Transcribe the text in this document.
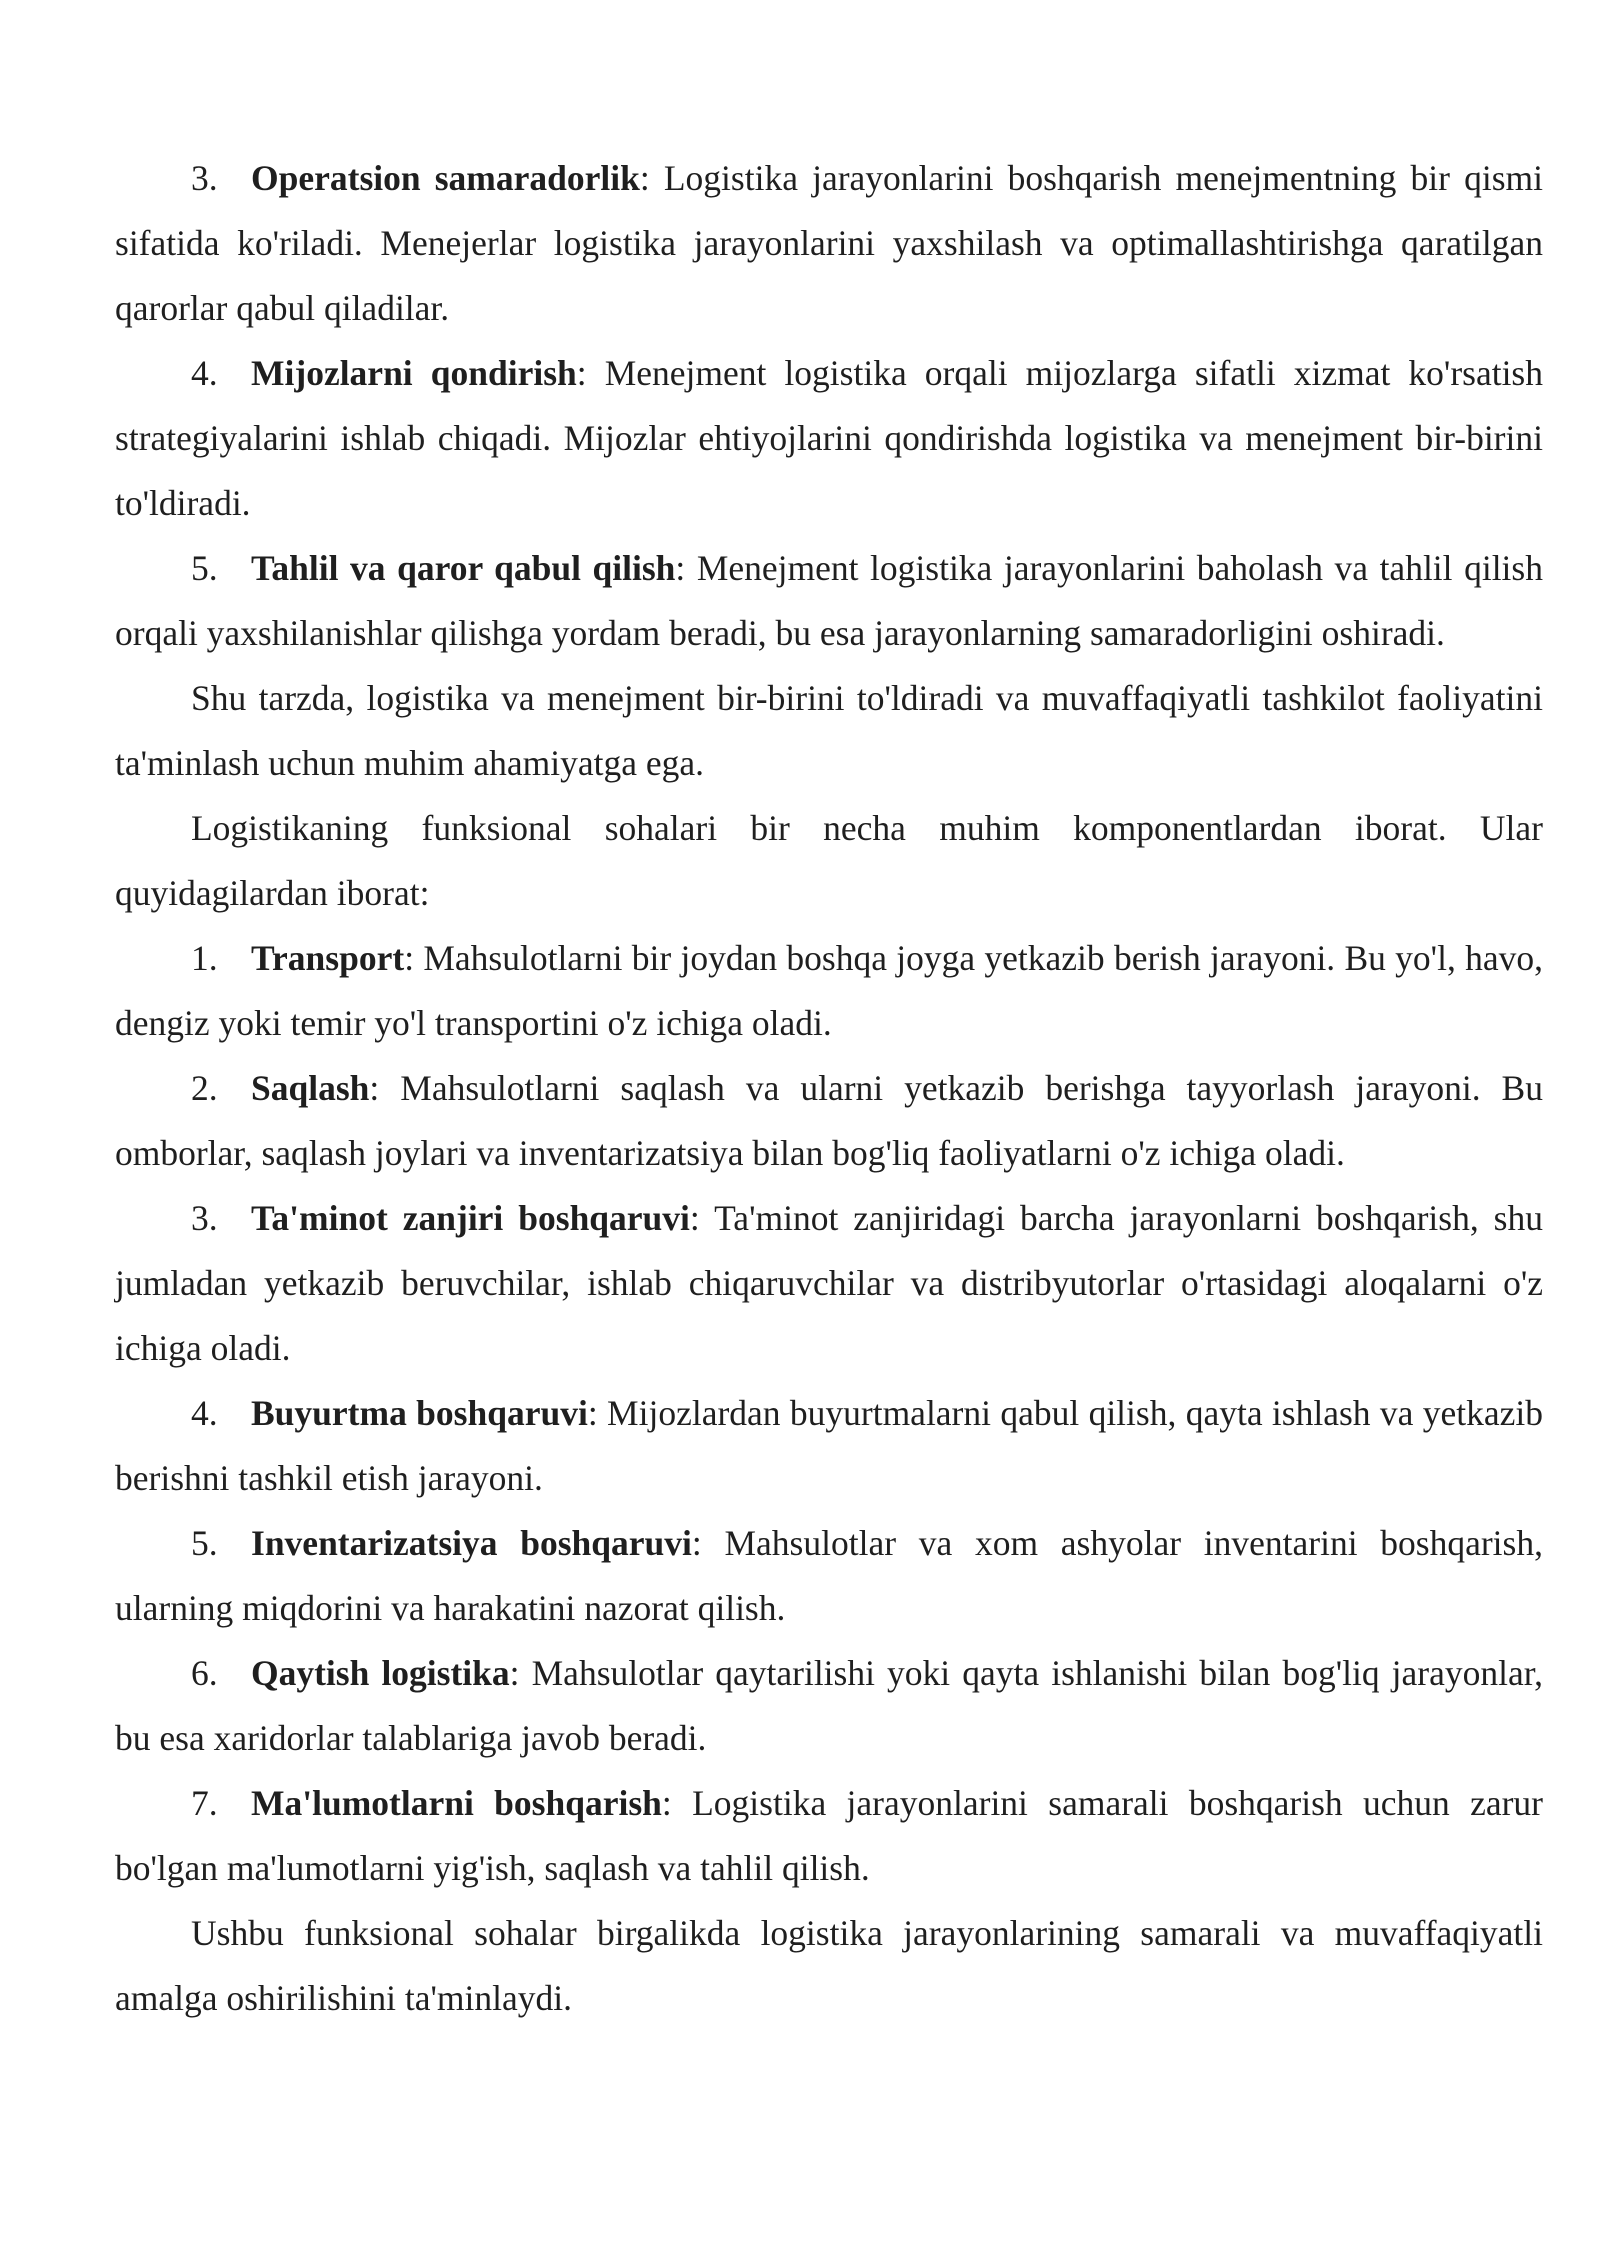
3. Operatsion samaradorlik: Logistika jarayonlarini boshqarish menejmentning bir qismi sifatida ko'riladi. Menejerlar logistika jarayonlarini yaxshilash va optimallashtirishga qaratilgan qarorlar qabul qiladilar.

4. Mijozlarni qondirish: Menejment logistika orqali mijozlarga sifatli xizmat ko'rsatish strategiyalarini ishlab chiqadi. Mijozlar ehtiyojlarini qondirishda logistika va menejment bir-birini to'ldiradi.

5. Tahlil va qaror qabul qilish: Menejment logistika jarayonlarini baholash va tahlil qilish orqali yaxshilanishlar qilishga yordam beradi, bu esa jarayonlarning samaradorligini oshiradi.

Shu tarzda, logistika va menejment bir-birini to'ldiradi va muvaffaqiyatli tashkilot faoliyatini ta'minlash uchun muhim ahamiyatga ega.

Logistikaning funksional sohalari bir necha muhim komponentlardan iborat. Ular quyidagilardan iborat:

1. Transport: Mahsulotlarni bir joydan boshqa joyga yetkazib berish jarayoni. Bu yo'l, havo, dengiz yoki temir yo'l transportini o'z ichiga oladi.

2. Saqlash: Mahsulotlarni saqlash va ularni yetkazib berishga tayyorlash jarayoni. Bu omborlar, saqlash joylari va inventarizatsiya bilan bog'liq faoliyatlarni o'z ichiga oladi.

3. Ta'minot zanjiri boshqaruvi: Ta'minot zanjiridagi barcha jarayonlarni boshqarish, shu jumladan yetkazib beruvchilar, ishlab chiqaruvchilar va distribyutorlar o'rtasidagi aloqalarni o'z ichiga oladi.

4. Buyurtma boshqaruvi: Mijozlardan buyurtmalarni qabul qilish, qayta ishlash va yetkazib berishni tashkil etish jarayoni.

5. Inventarizatsiya boshqaruvi: Mahsulotlar va xom ashyolar inventarini boshqarish, ularning miqdorini va harakatini nazorat qilish.

6. Qaytish logistika: Mahsulotlar qaytarilishi yoki qayta ishlanishi bilan bog'liq jarayonlar, bu esa xaridorlar talablariga javob beradi.

7. Ma'lumotlarni boshqarish: Logistika jarayonlarini samarali boshqarish uchun zarur bo'lgan ma'lumotlarni yig'ish, saqlash va tahlil qilish.

Ushbu funksional sohalar birgalikda logistika jarayonlarining samarali va muvaffaqiyatli amalga oshirilishini ta'minlaydi.
